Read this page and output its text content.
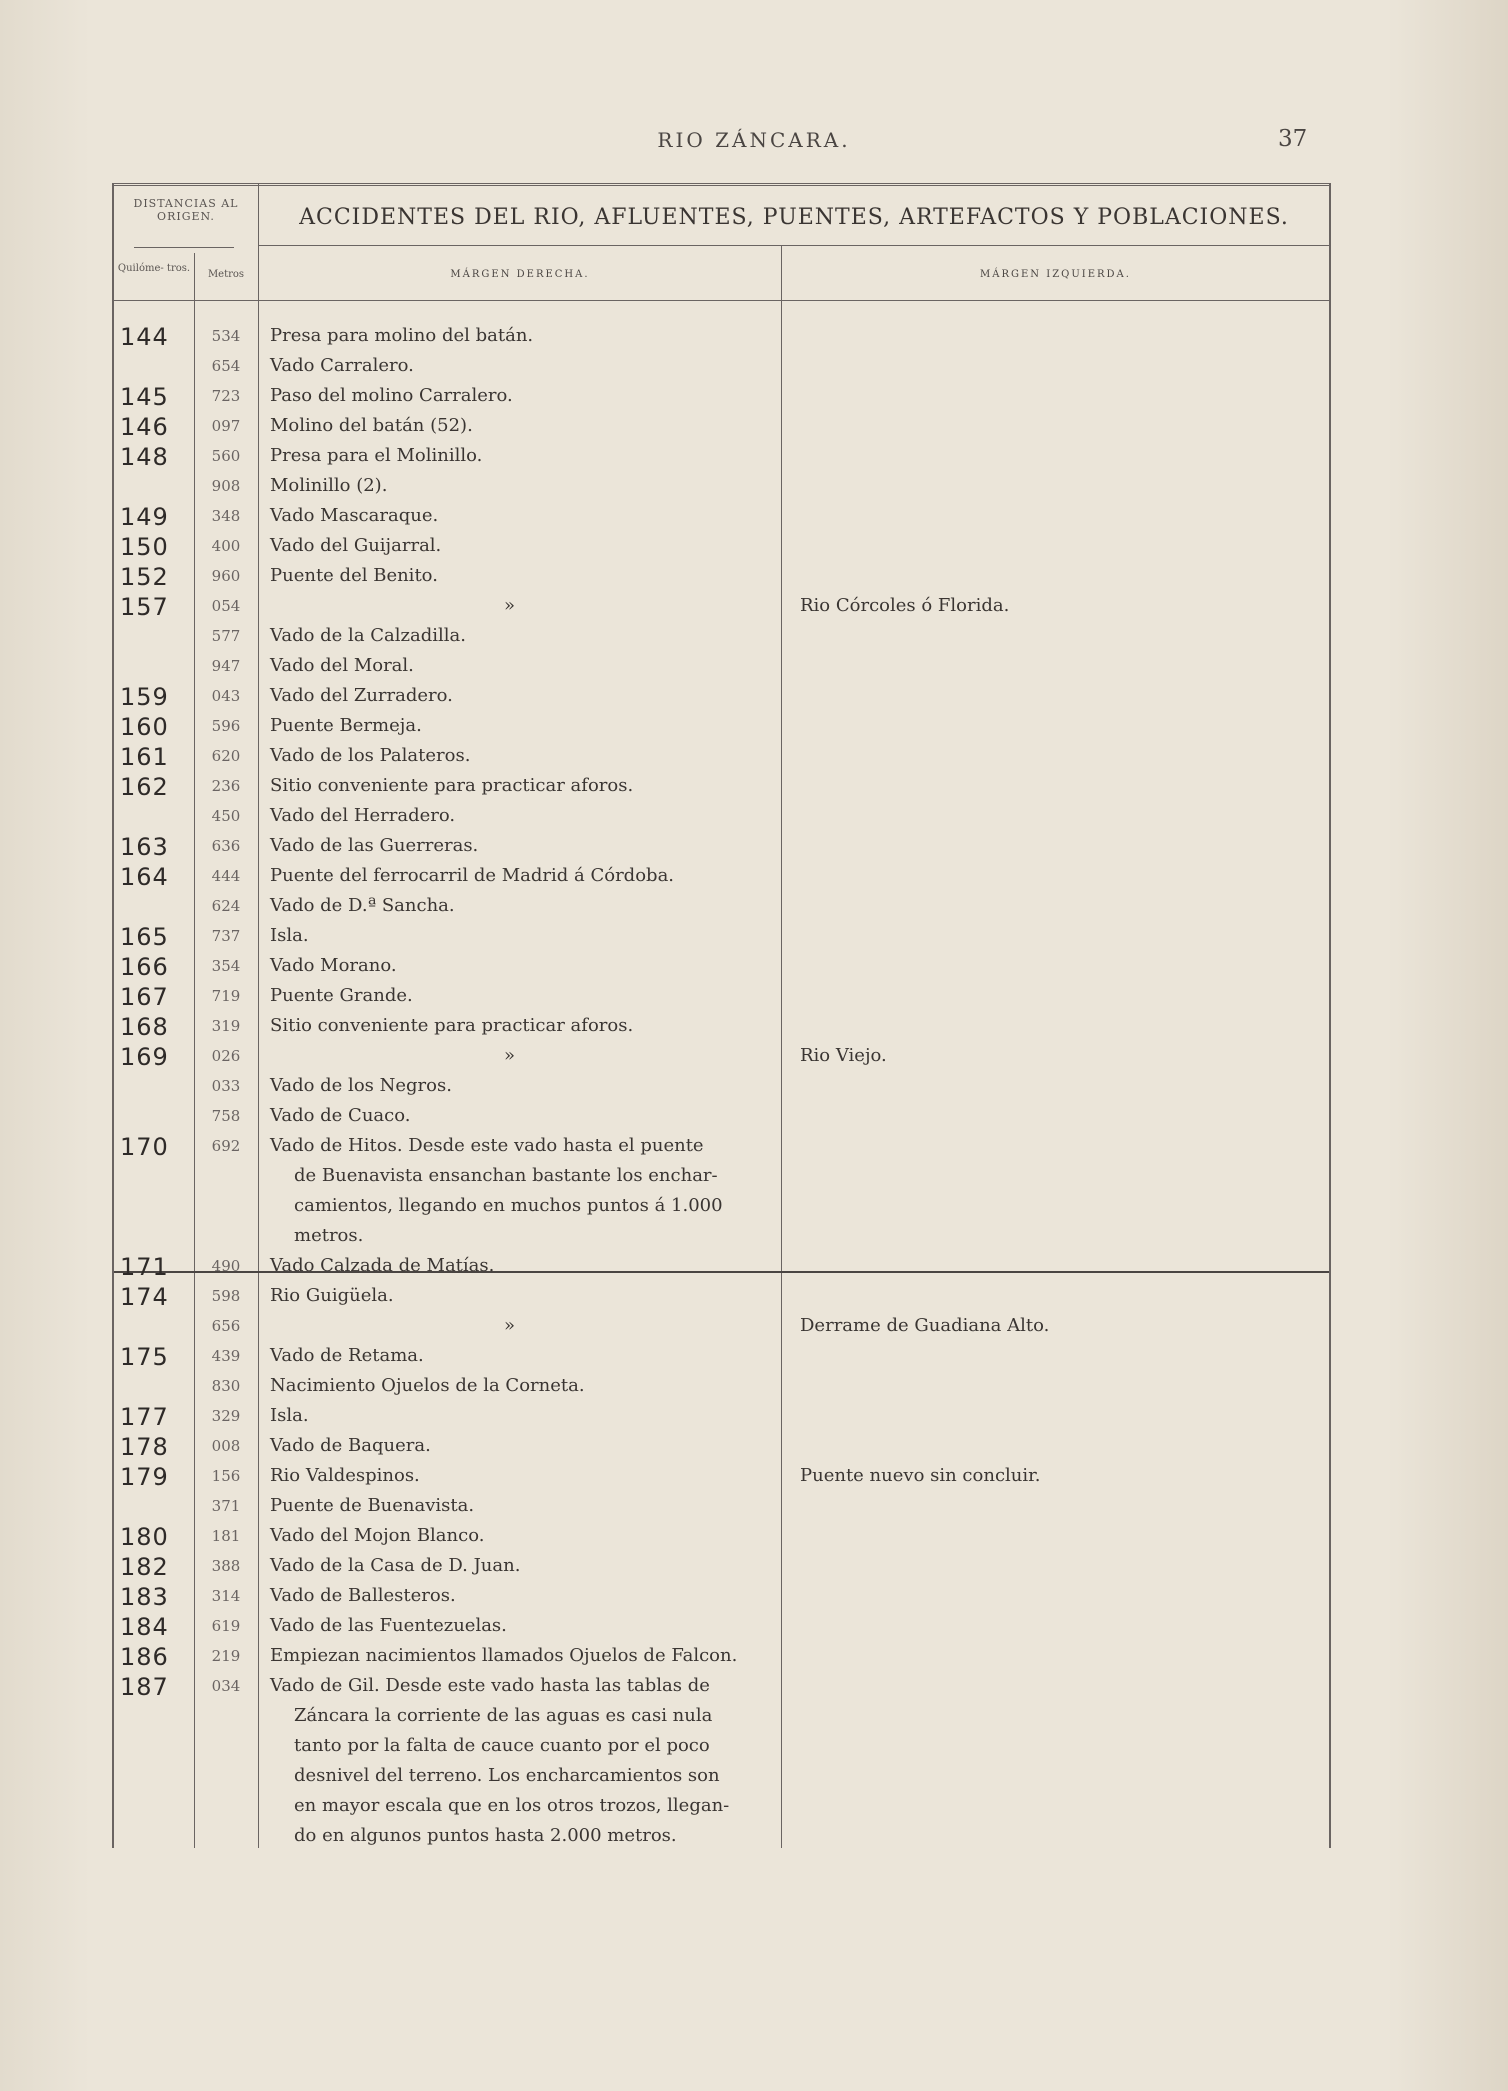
RIO ZÁNCARA.	37
DISTANCIAS AL ORIGEN.	ACCIDENTES DEL RIO, AFLUENTES, PUENTES, ARTEFACTOS Y POBLACIONES.
Quilóme- tros.
Metros	MÁRGEN DERECHA.	MÁRGEN IZQUIERDA.
144	534	Presa para molino del batán.
654	Vado Carralero.
145	723	Paso del molino Carralero.
146	097	Molino del batán (52).
148	560	Presa para el Molinillo.
908	Molinillo (2).
149	348	Vado Mascaraque.
150	400	Vado del Guijarral.
152	960	Puente del Benito.
157	054	»	Rio Córcoles ó Florida.
577	Vado de la Calzadilla.
947	Vado del Moral.
159	043	Vado del Zurradero.
160	596	Puente Bermeja.
161	620	Vado de los Palateros.
162	236	Sitio conveniente para practicar aforos.
450	Vado del Herradero.
163	636	Vado de las Guerreras.
164	444	Puente del ferrocarril de Madrid á Córdoba.
624	Vado de D.ª Sancha.
165	737	Isla.
166	354	Vado Morano.
167	719	Puente Grande.
168	319	Sitio conveniente para practicar aforos.
169	026	»	Rio Viejo.
033	Vado de los Negros.
758	Vado de Cuaco.
170	692	Vado de Hitos. Desde este vado hasta el puente
de Buenavista ensanchan bastante los enchar-
camientos, llegando en muchos puntos á 1.000
metros.
171	490	Vado Calzada de Matías.
174	598	Rio Guigüela.
656	»	Derrame de Guadiana Alto.
175	439	Vado de Retama.
830	Nacimiento Ojuelos de la Corneta.
177	329	Isla.
178	008	Vado de Baquera.
179	156	Rio Valdespinos.	Puente nuevo sin concluir.
371	Puente de Buenavista.
180	181	Vado del Mojon Blanco.
182	388	Vado de la Casa de D. Juan.
183	314	Vado de Ballesteros.
184	619	Vado de las Fuentezuelas.
186	219	Empiezan nacimientos llamados Ojuelos de Falcon.
187	034	Vado de Gil. Desde este vado hasta las tablas de
Záncara la corriente de las aguas es casi nula
tanto por la falta de cauce cuanto por el poco
desnivel del terreno. Los encharcamientos son
en mayor escala que en los otros trozos, llegan-
do en algunos puntos hasta 2.000 metros.
